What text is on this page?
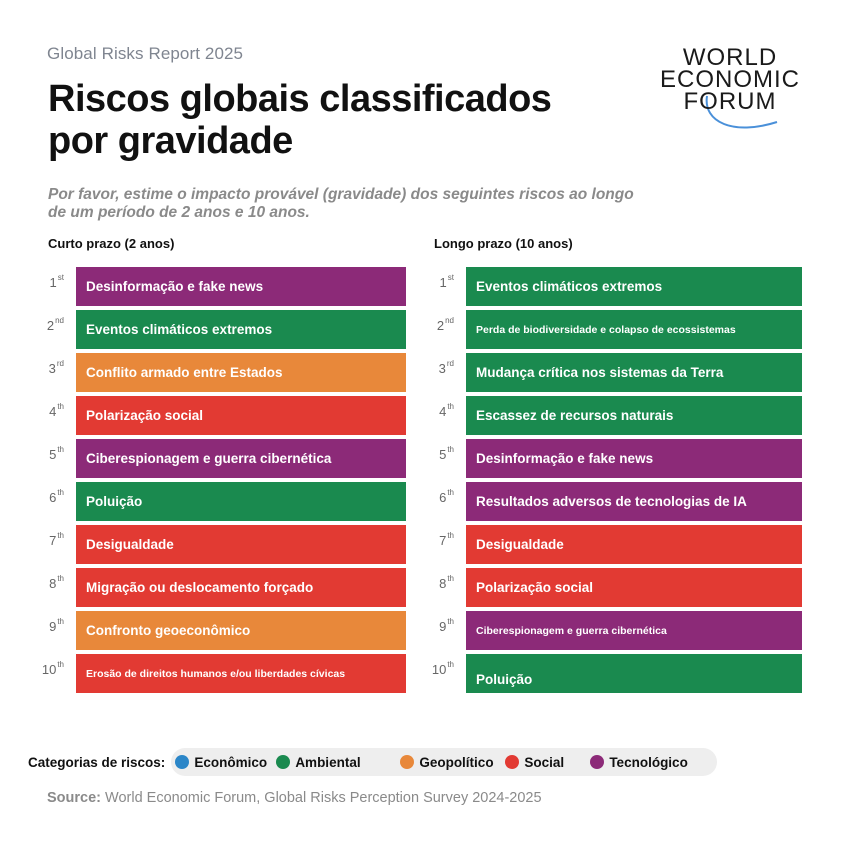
Global Risks Report 2025
Riscos globais classificados
por gravidade
Por favor, estime o impacto provável (gravidade) dos seguintes riscos ao longo
de um período de 2 anos e 10 anos.
WORLD
ECONOMIC
FORUM
Curto prazo (2 anos)	Longo prazo (10 anos)
1st
Desinformação e fake news
2nd
Eventos climáticos extremos
3rd
Conflito armado entre Estados
4th
Polarização social
5th
Ciberespionagem e guerra cibernética
6th
Poluição
7th
Desigualdade
8th
Migração ou deslocamento forçado
9th
Confronto geoeconômico
10th
Erosão de direitos humanos e/ou liberdades cívicas
1st
Eventos climáticos extremos
2nd
Perda de biodiversidade e colapso de ecossistemas
3rd
Mudança crítica nos sistemas da Terra
4th
Escassez de recursos naturais
5th
Desinformação e fake news
6th
Resultados adversos de tecnologias de IA
7th
Desigualdade
8th
Polarização social
9th
Ciberespionagem e guerra cibernética
10th
Poluição
Categorias de riscos: Econômico Ambiental	Geopolítico Social	Tecnológico
Source: World Economic Forum, Global Risks Perception Survey 2024-2025
